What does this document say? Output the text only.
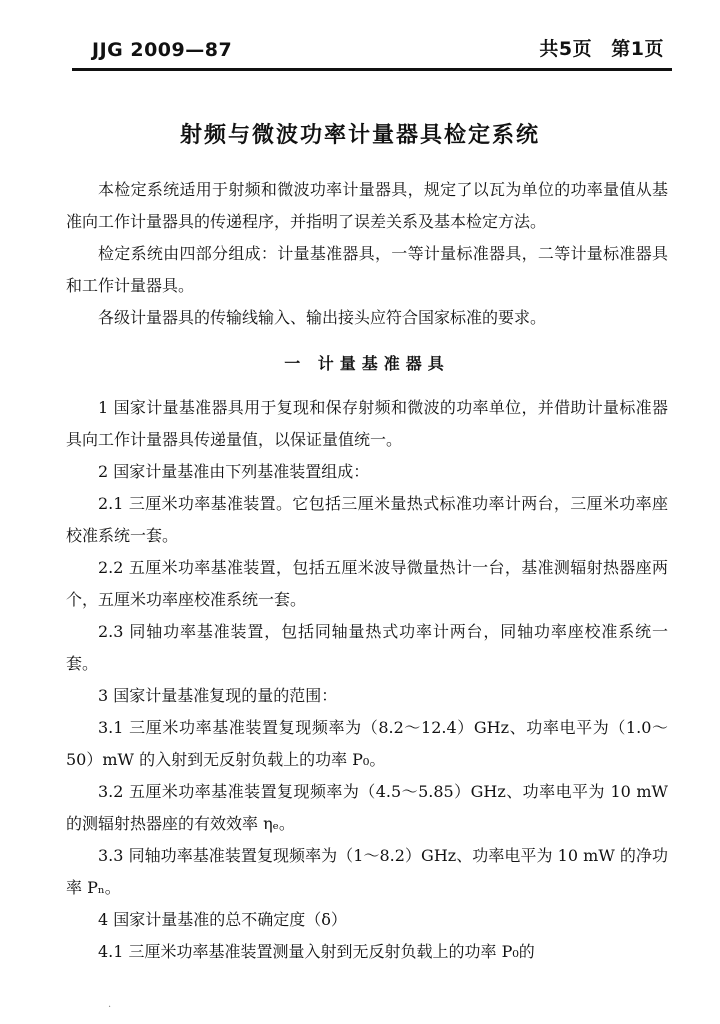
JJG 2009—87	共5页 第1页
射频与微波功率计量器具检定系统

本检定系统适用于射频和微波功率计量器具，规定了以瓦为单位的功率量值从基准向工作计量器具的传递程序，并指明了误差关系及基本检定方法。

检定系统由四部分组成：计量基准器具，一等计量标准器具，二等计量标准器具和工作计量器具。

各级计量器具的传输线输入、输出接头应符合国家标准的要求。

一 计量基准器具

1 国家计量基准器具用于复现和保存射频和微波的功率单位，并借助计量标准器具向工作计量器具传递量值，以保证量值统一。

2 国家计量基准由下列基准装置组成：

2.1 三厘米功率基准装置。它包括三厘米量热式标准功率计两台，三厘米功率座校准系统一套。

2.2 五厘米功率基准装置，包括五厘米波导微量热计一台，基准测辐射热器座两个，五厘米功率座校准系统一套。

2.3 同轴功率基准装置，包括同轴量热式功率计两台，同轴功率座校准系统一套。

3 国家计量基准复现的量的范围：

3.1 三厘米功率基准装置复现频率为（8.2～12.4）GHz、功率电平为（1.0～50）mW 的入射到无反射负载上的功率 P₀。

3.2 五厘米功率基准装置复现频率为（4.5～5.85）GHz、功率电平为 10 mW 的测辐射热器座的有效效率 ηₑ。

3.3 同轴功率基准装置复现频率为（1～8.2）GHz、功率电平为 10 mW 的净功率 Pₙ。

4 国家计量基准的总不确定度（δ）

4.1 三厘米功率基准装置测量入射到无反射负载上的功率 P₀的

·
